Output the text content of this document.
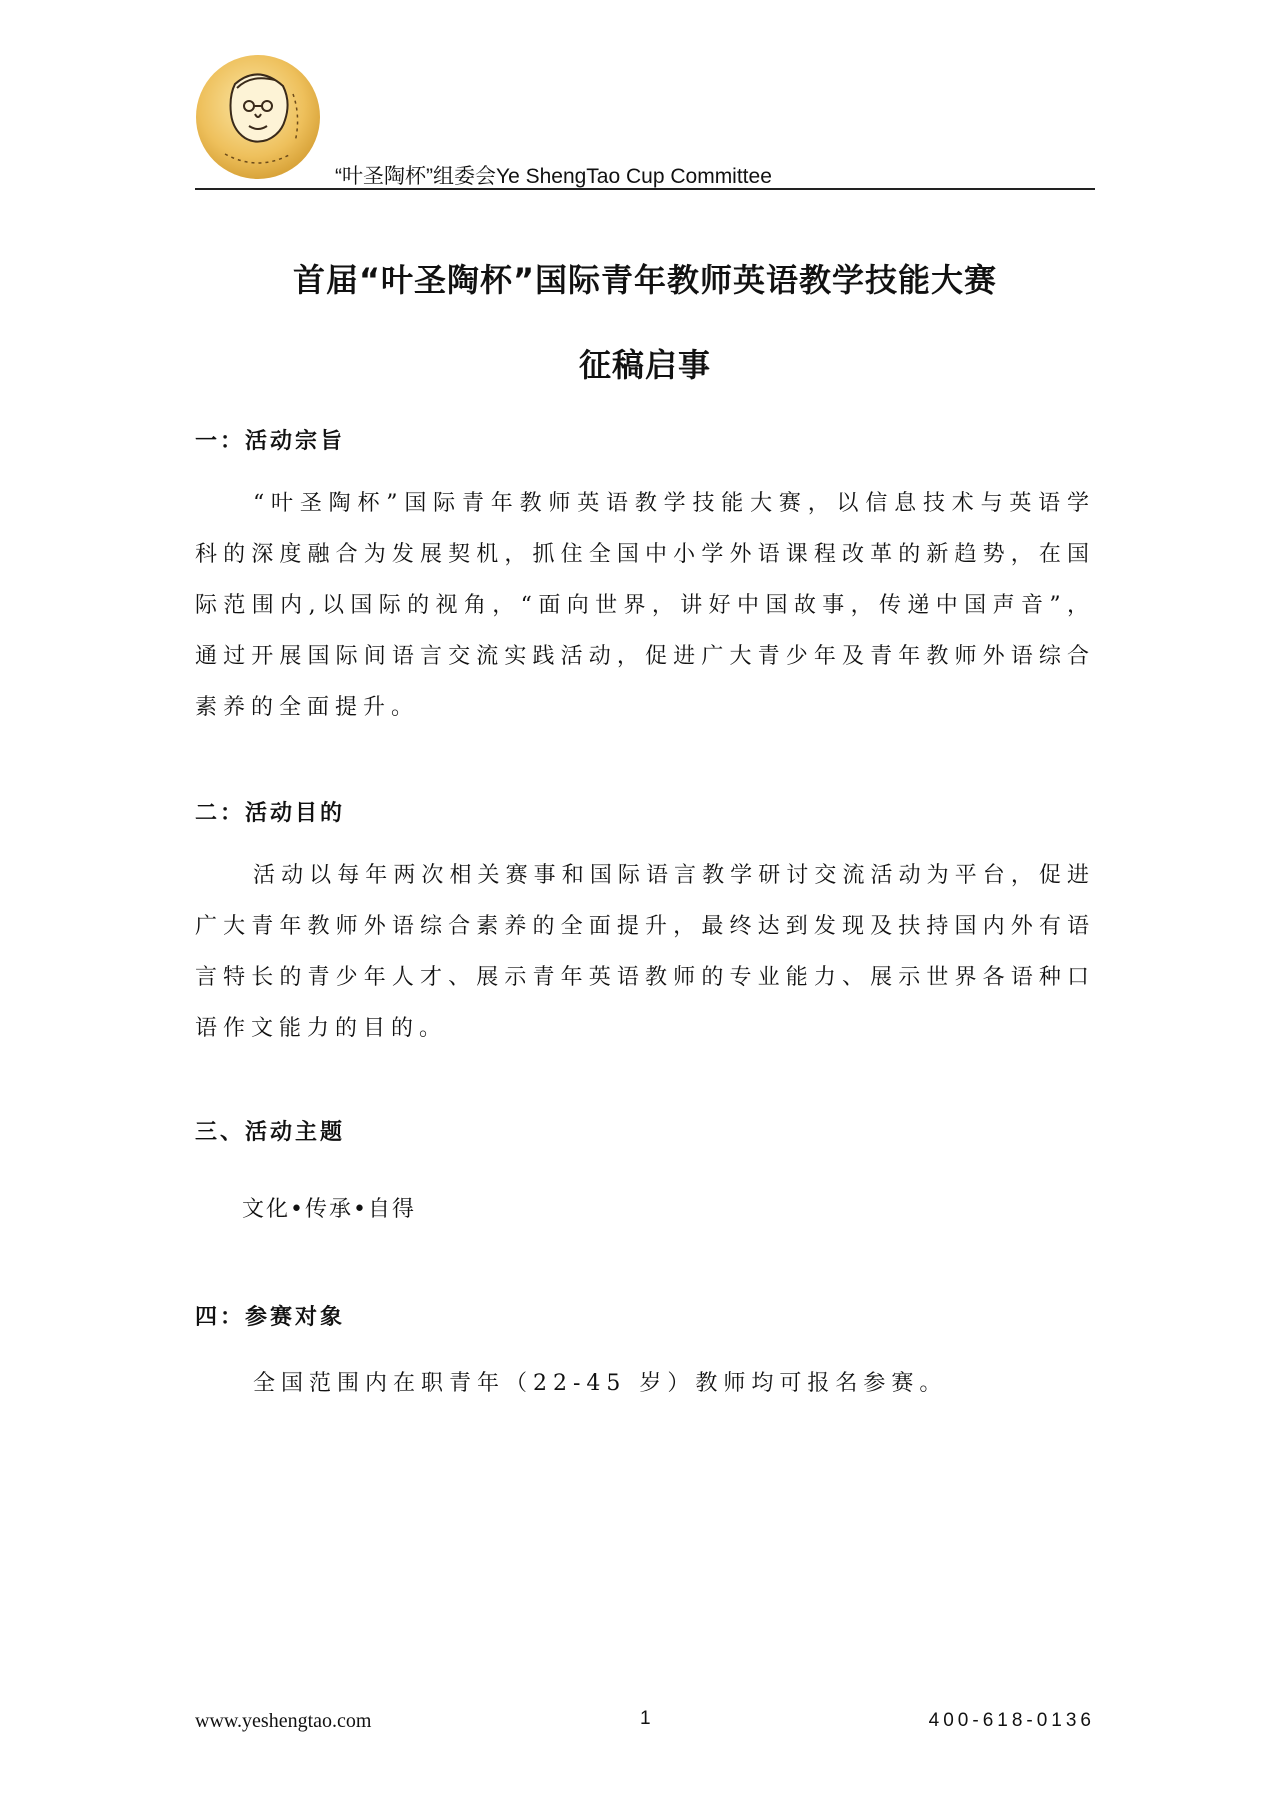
“叶圣陶杯”组委会Ye ShengTao Cup Committee
首届“叶圣陶杯”国际青年教师英语教学技能大赛
征稿启事
一：活动宗旨

“叶圣陶杯”国际青年教师英语教学技能大赛，以信息技术与英语学科的深度融合为发展契机，抓住全国中小学外语课程改革的新趋势，在国际范围内,以国际的视角，“面向世界，讲好中国故事，传递中国声音”， 通过开展国际间语言交流实践活动，促进广大青少年及青年教师外语综合素养的全面提升。

二：活动目的

活动以每年两次相关赛事和国际语言教学研讨交流活动为平台，促进广大青年教师外语综合素养的全面提升，最终达到发现及扶持国内外有语言特长的青少年人才、展示青年英语教师的专业能力、展示世界各语种口语作文能力的目的。

三、活动主题
文化•传承•自得
四：参赛对象

全国范围内在职青年（22-45 岁）教师均可报名参赛。

www.yeshengtao.com	1	400-618-0136
